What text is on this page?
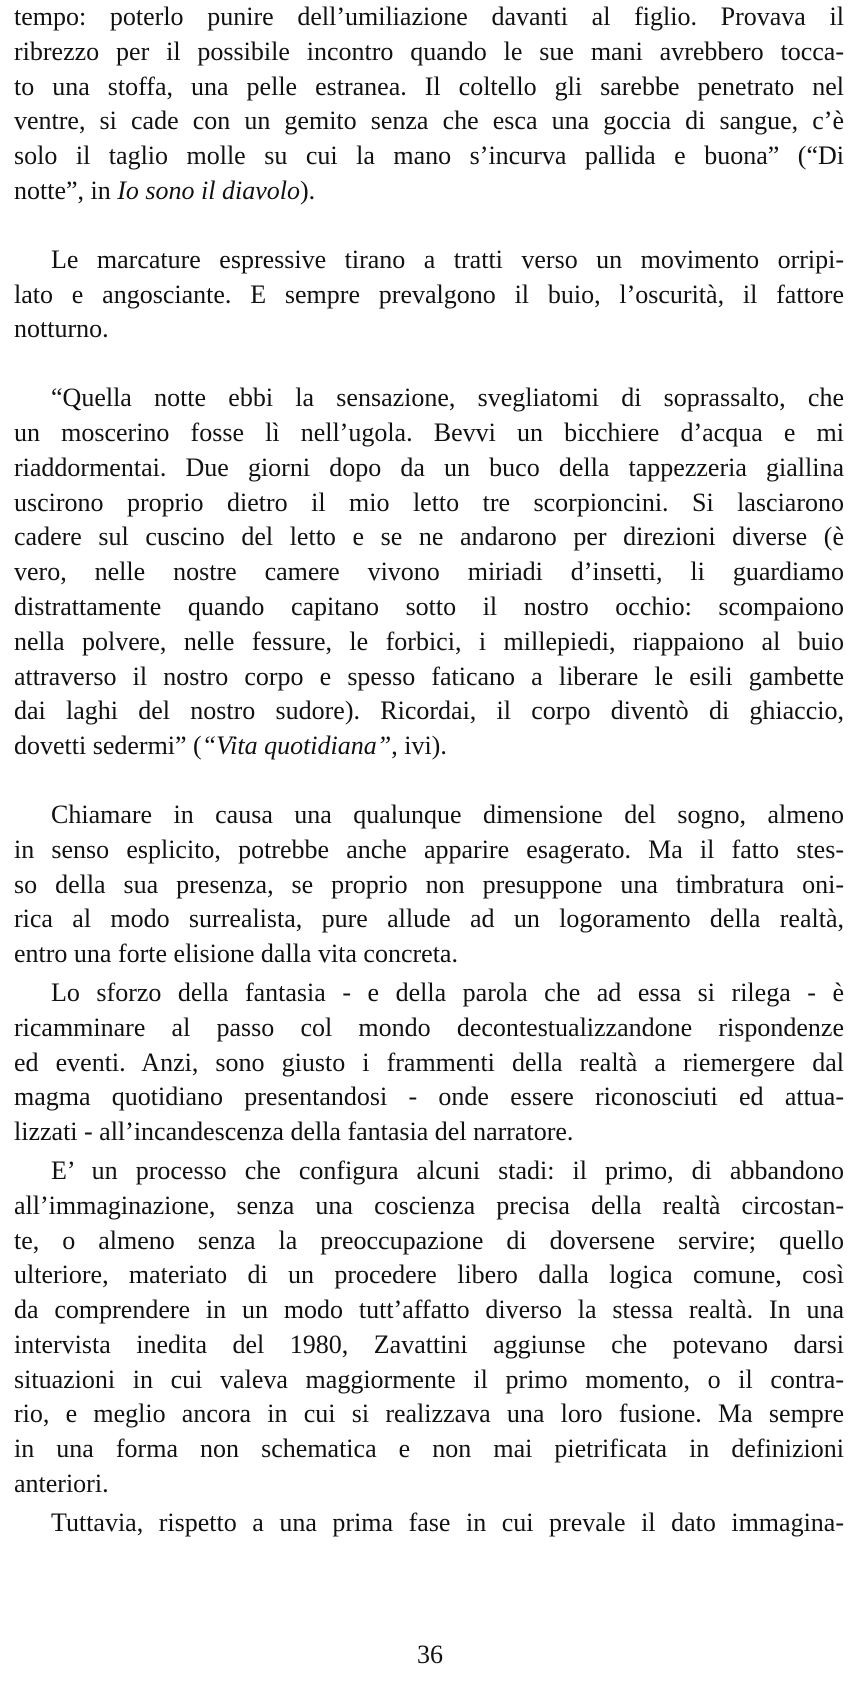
tempo: poterlo punire dell’umiliazione davanti al figlio. Provava il
ribrezzo per il possibile incontro quando le sue mani avrebbero tocca-
to una stoffa, una pelle estranea. Il coltello gli sarebbe penetrato nel
ventre, si cade con un gemito senza che esca una goccia di sangue, c’è
solo il taglio molle su cui la mano s’incurva pallida e buona” (“Di
notte”, in Io sono il diavolo).

Le marcature espressive tirano a tratti verso un movimento orripi-
lato e angosciante. E sempre prevalgono il buio, l’oscurità, il fattore
notturno.

“Quella notte ebbi la sensazione, svegliatomi di soprassalto, che
un moscerino fosse lì nell’ugola. Bevvi un bicchiere d’acqua e mi
riaddormentai. Due giorni dopo da un buco della tappezzeria giallina
uscirono proprio dietro il mio letto tre scorpioncini. Si lasciarono
cadere sul cuscino del letto e se ne andarono per direzioni diverse (è
vero, nelle nostre camere vivono miriadi d’insetti, li guardiamo
distrattamente quando capitano sotto il nostro occhio: scompaiono
nella polvere, nelle fessure, le forbici, i millepiedi, riappaiono al buio
attraverso il nostro corpo e spesso faticano a liberare le esili gambette
dai laghi del nostro sudore). Ricordai, il corpo diventò di ghiaccio,
dovetti sedermi” (“Vita quotidiana”, ivi).

Chiamare in causa una qualunque dimensione del sogno, almeno
in senso esplicito, potrebbe anche apparire esagerato. Ma il fatto stes-
so della sua presenza, se proprio non presuppone una timbratura oni-
rica al modo surrealista, pure allude ad un logoramento della realtà,
entro una forte elisione dalla vita concreta.

Lo sforzo della fantasia - e della parola che ad essa si rilega - è
ricamminare al passo col mondo decontestualizzandone rispondenze
ed eventi. Anzi, sono giusto i frammenti della realtà a riemergere dal
magma quotidiano presentandosi - onde essere riconosciuti ed attua-
lizzati - all’incandescenza della fantasia del narratore.

E’ un processo che configura alcuni stadi: il primo, di abbandono
all’immaginazione, senza una coscienza precisa della realtà circostan-
te, o almeno senza la preoccupazione di doversene servire; quello
ulteriore, materiato di un procedere libero dalla logica comune, così
da comprendere in un modo tutt’affatto diverso la stessa realtà. In una
intervista inedita del 1980, Zavattini aggiunse che potevano darsi
situazioni in cui valeva maggiormente il primo momento, o il contra-
rio, e meglio ancora in cui si realizzava una loro fusione. Ma sempre
in una forma non schematica e non mai pietrificata in definizioni
anteriori.

Tuttavia, rispetto a una prima fase in cui prevale il dato immagina-

36
